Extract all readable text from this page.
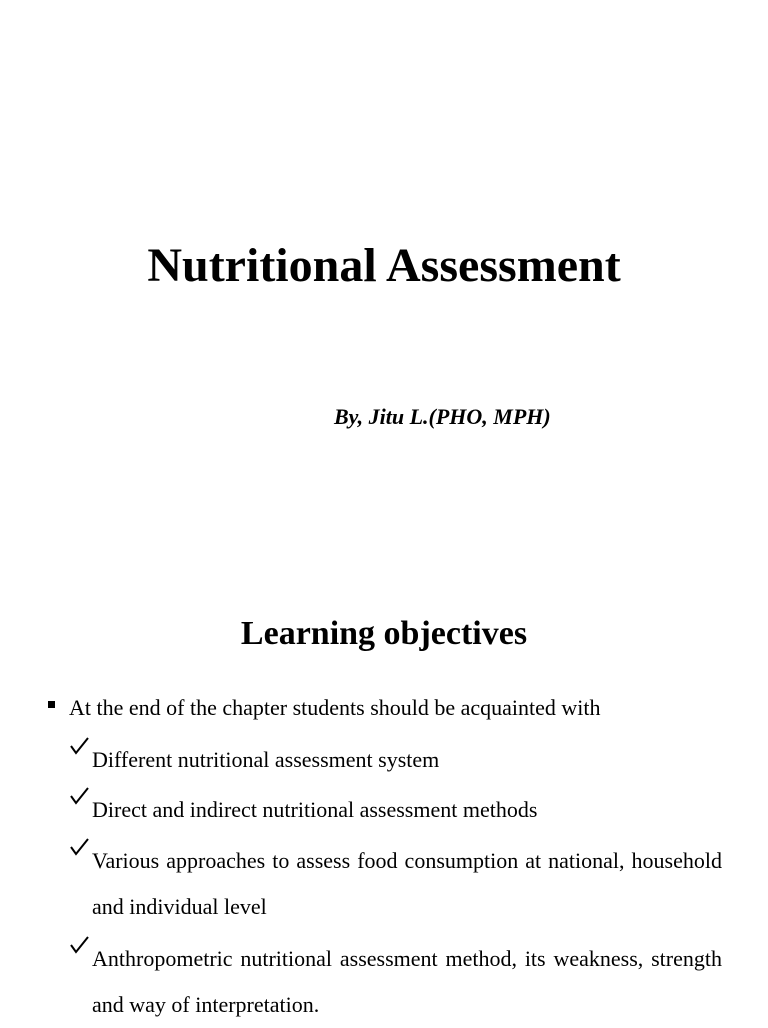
Nutritional Assessment
By, Jitu L.(PHO, MPH)
Learning objectives
At the end of the chapter students should be acquainted with
Different nutritional assessment system
Direct and indirect nutritional assessment methods
Various approaches to assess food consumption at national, household and individual level
Anthropometric nutritional assessment method, its weakness, strength and way of interpretation.
